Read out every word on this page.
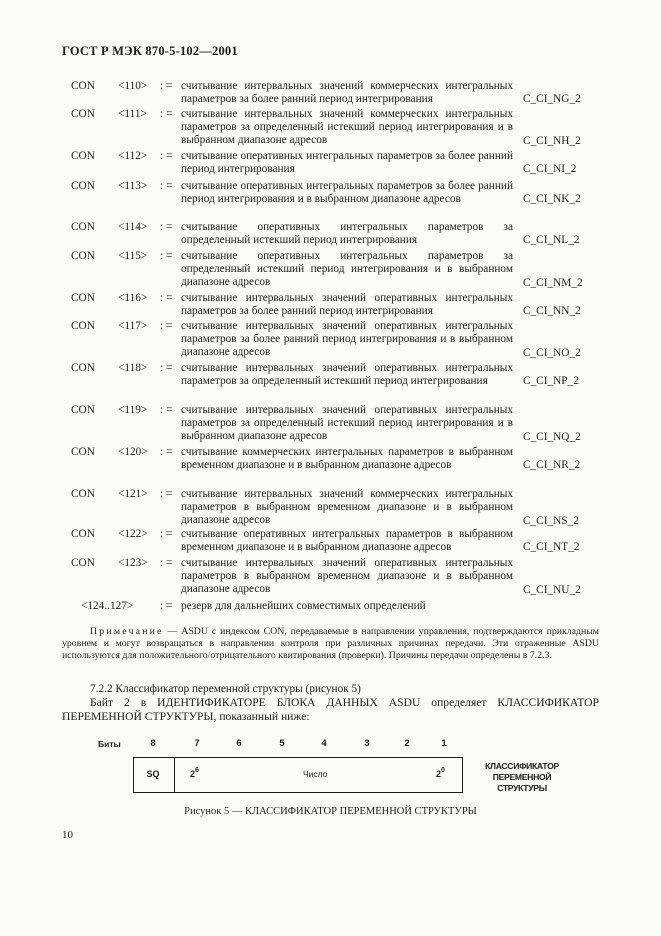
ГОСТ Р МЭК 870-5-102—2001
CON <110> : = считывание интервальных значений коммерческих интегральных параметров за более ранний период интегрирования	C_CI_NG_2
CON <111> : = считывание интервальных значений коммерческих интегральных параметров за определенный истекший период интегрирования и в выбранном диапазоне адресов	C_CI_NH_2
CON <112> : = считывание оперативных интегральных параметров за более ранний период интегрирования	C_CI_NI_2
CON <113> : = считывание оперативных интегральных параметров за более ранний период интегрирования и в выбранном диапазоне адресов	C_CI_NK_2
CON <114> : = считывание оперативных интегральных параметров за определенный истекший период интегрирования	C_CI_NL_2
CON <115> : = считывание оперативных интегральных параметров за определенный истекший период интегрирования и в выбранном диапазоне адресов	C_CI_NM_2
CON <116> : = считывание интервальных значений оперативных интегральных параметров за более ранний период интегрирования	C_CI_NN_2
CON <117> : = считывание интервальных значений оперативных интегральных параметров за более ранний период интегрирования и в выбранном диапазоне адресов	C_CI_NO_2
CON <118> : = считывание интервальных значений оперативных интегральных параметров за определенный истекший период интегрирования	C_CI_NP_2
CON <119> : = считывание интервальных значений оперативных интегральных параметров за определенный истекший период интегрирования и в выбранном диапазоне адресов	C_CI_NQ_2
CON <120> : = считывание коммерческих интегральных параметров в выбранном временном диапазоне и в выбранном диапазоне адресов	C_CI_NR_2
CON <121> : = считывание интервальных значений коммерческих интегральных параметров в выбранном временном диапазоне и в выбранном диапазоне адресов	C_CI_NS_2
CON <122> : = считывание оперативных интегральных параметров в выбранном временном диапазоне и в выбранном диапазоне адресов	C_CI_NT_2
CON <123> : = считывание интервальных значений оперативных интегральных параметров в выбранном временном диапазоне и в выбранном диапазоне адресов	C_CI_NU_2
<124..127> : = резерв для дальнейших совместимых определений
Примечание — ASDU с индексом CON, передаваемые в направлении управления, подтверждаются прикладным уровнем и могут возвращаться в направлении контроля при различных причинах передачи. Эти отраженные ASDU используются для положительного/отрицательного квитирования (проверки). Причины передачи определены в 7.2.3.
7.2.2 Классификатор переменной структуры (рисунок 5)
Байт 2 в ИДЕНТИФИКАТОРЕ БЛОКА ДАННЫХ ASDU определяет КЛАССИФИКАТОР ПЕРЕМЕННОЙ СТРУКТУРЫ, показанный ниже:
Биты	8	7	6	5	4	3	2	1
SQ	$2^6$	Число	$2^0$	КЛАССИФИКАТОР
ПЕРЕМЕННОЙ
СТРУКТУРЫ
Рисунок 5 — КЛАССИФИКАТОР ПЕРЕМЕННОЙ СТРУКТУРЫ
10
